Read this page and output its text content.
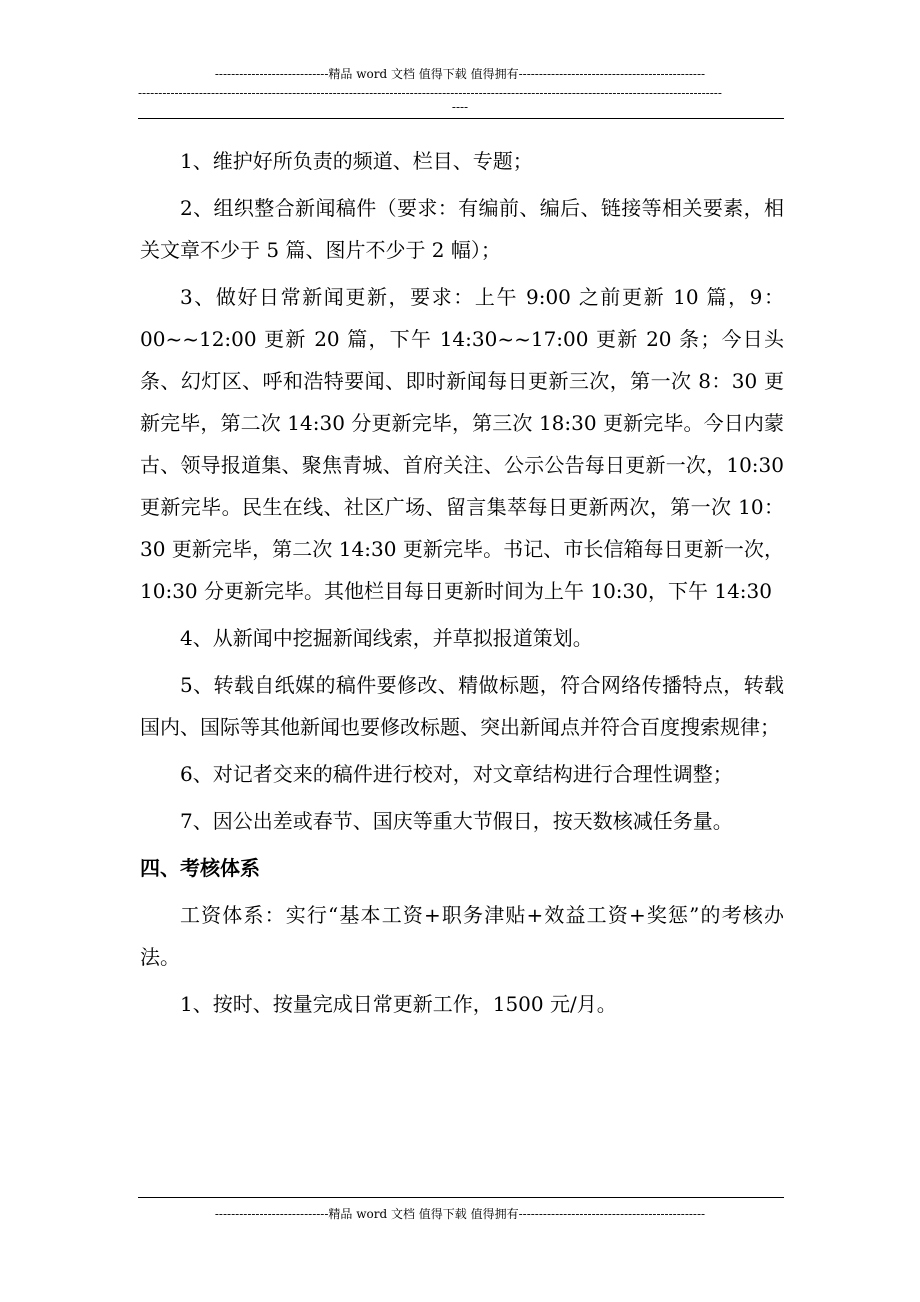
----------------------------精品 word 文档 值得下载 值得拥有----------------------------------------------
------------------------------------------------------------------------------------------------------------------------------------------------
----

1、维护好所负责的频道、栏目、专题；

2、组织整合新闻稿件（要求：有编前、编后、链接等相关要素，相关文章不少于 5 篇、图片不少于 2 幅）；

3、做好日常新闻更新，要求：上午 9:00 之前更新 10 篇，9：00~~12:00 更新 20 篇，下午 14:30~~17:00 更新 20 条；今日头条、幻灯区、呼和浩特要闻、即时新闻每日更新三次，第一次 8：30 更新完毕，第二次 14:30 分更新完毕，第三次 18:30 更新完毕。今日内蒙古、领导报道集、聚焦青城、首府关注、公示公告每日更新一次，10:30 更新完毕。民生在线、社区广场、留言集萃每日更新两次，第一次 10：30 更新完毕，第二次 14:30 更新完毕。书记、市长信箱每日更新一次，10:30 分更新完毕。其他栏目每日更新时间为上午 10:30，下午 14:30

4、从新闻中挖掘新闻线索，并草拟报道策划。

5、转载自纸媒的稿件要修改、精做标题，符合网络传播特点，转载国内、国际等其他新闻也要修改标题、突出新闻点并符合百度搜索规律；

6、对记者交来的稿件进行校对，对文章结构进行合理性调整；

7、因公出差或春节、国庆等重大节假日，按天数核减任务量。

四、考核体系

工资体系：实行“基本工资+职务津贴+效益工资+奖惩”的考核办法。

1、按时、按量完成日常更新工作，1500 元/月。

----------------------------精品 word 文档 值得下载 值得拥有----------------------------------------------
